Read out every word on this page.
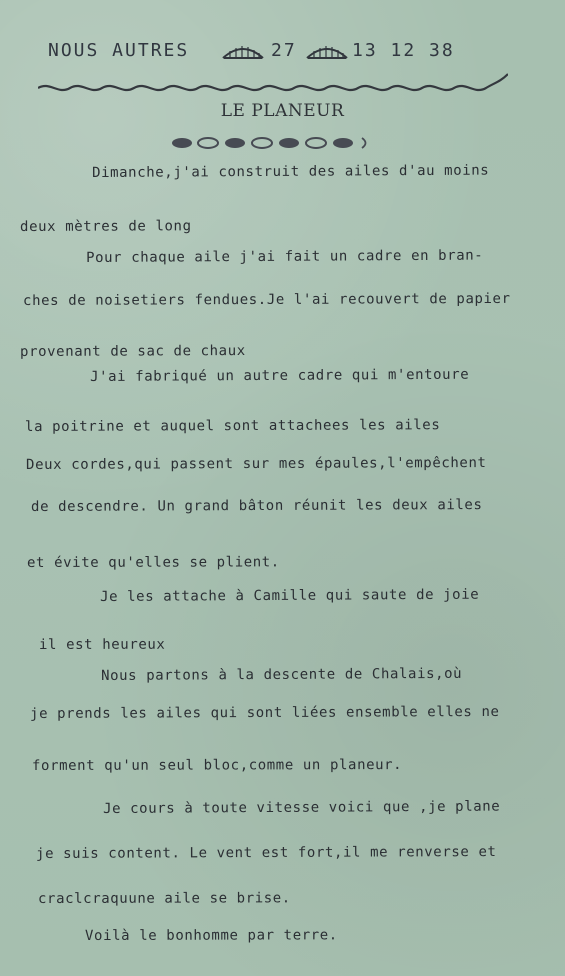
NOUS AUTRES	27	13 12 38
LE PLANEUR
Dimanche,j'ai construit des ailes d'au moins
deux mètres de long
Pour chaque aile j'ai fait un cadre en bran-
ches de noisetiers fendues.Je l'ai recouvert de papier
provenant de sac de chaux
J'ai fabriqué un autre cadre qui m'entoure
la poitrine et auquel sont attachees les ailes
Deux cordes,qui passent sur mes épaules,l'empêchent
de descendre. Un grand bâton réunit les deux ailes
et évite qu'elles se plient.
Je les attache à Camille qui saute de joie
il est heureux
Nous partons à la descente de Chalais,où
je prends les ailes qui sont liées ensemble elles ne
forment qu'un seul bloc,comme un planeur.
Je cours à toute vitesse voici que ,je plane
je suis content. Le vent est fort,il me renverse et
craclcraquune aile se brise.
Voilà le bonhomme par terre.
